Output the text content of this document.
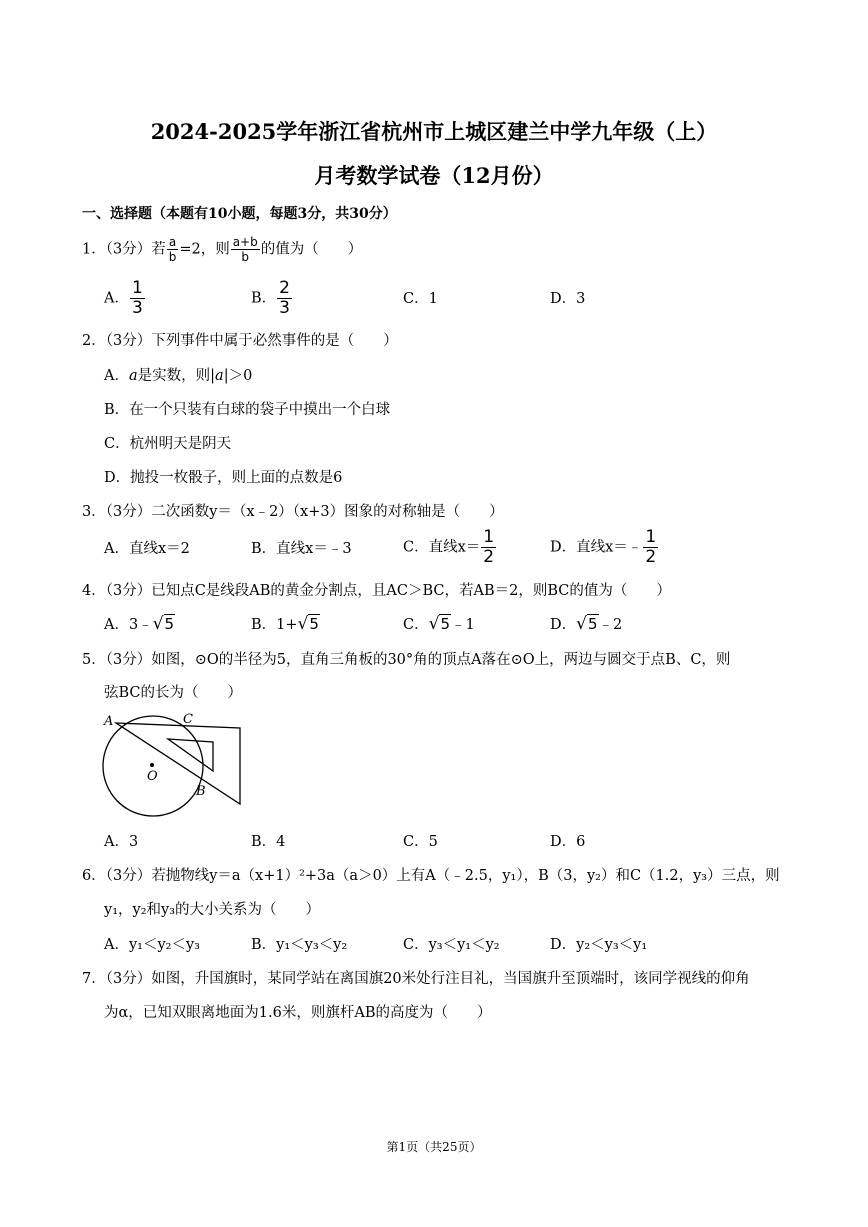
2024-2025学年浙江省杭州市上城区建兰中学九年级（上）
月考数学试卷（12月份）
一、选择题（本题有10小题，每题3分，共30分）
1．（3分）若 $\frac{a}{b} =2$，则 $\frac{a+b}{b}$ 的值为（　　）
A． $\frac{1}{3}$	B． $\frac{2}{3}$	C．1	D．3
2．（3分）下列事件中属于必然事件的是（　　）
A．a是实数，则|a|＞0
B．在一个只装有白球的袋子中摸出一个白球
C．杭州明天是阴天
D．抛投一枚骰子，则上面的点数是6
3．（3分）二次函数y＝（x﹣2）（x+3）图象的对称轴是（　　）
A．直线x＝2	B．直线x＝﹣3	C．直线$x= \frac{1}{2}$	D．直线x＝﹣ $\frac{1}{2}$
4．（3分）已知点C是线段AB的黄金分割点，且AC＞BC，若AB＝2，则BC的值为（　　）
A．3﹣√5	B．1+√5	C．√5﹣1	D．√5﹣2
5．（3分）如图，⊙O的半径为5，直角三角板的30°角的顶点A落在⊙O上，两边与圆交于点B、C，则
弦BC的长为（　　）
A	C
O
B
A．3	B．4	C．5	D．6
6．（3分）若抛物线y＝a（x+1）²+3a（a＞0）上有A（﹣2.5，y₁），B（3，y₂）和C（1.2，y₃）三点，则
y₁，y₂和y₃的大小关系为（　　）
A．y₁＜y₂＜y₃	B．y₁＜y₃＜y₂	C．y₃＜y₁＜y₂	D．y₂＜y₃＜y₁
7．（3分）如图，升国旗时，某同学站在离国旗20米处行注目礼，当国旗升至顶端时，该同学视线的仰角
为α，已知双眼离地面为1.6米，则旗杆AB的高度为（　　）
第1页（共25页）
